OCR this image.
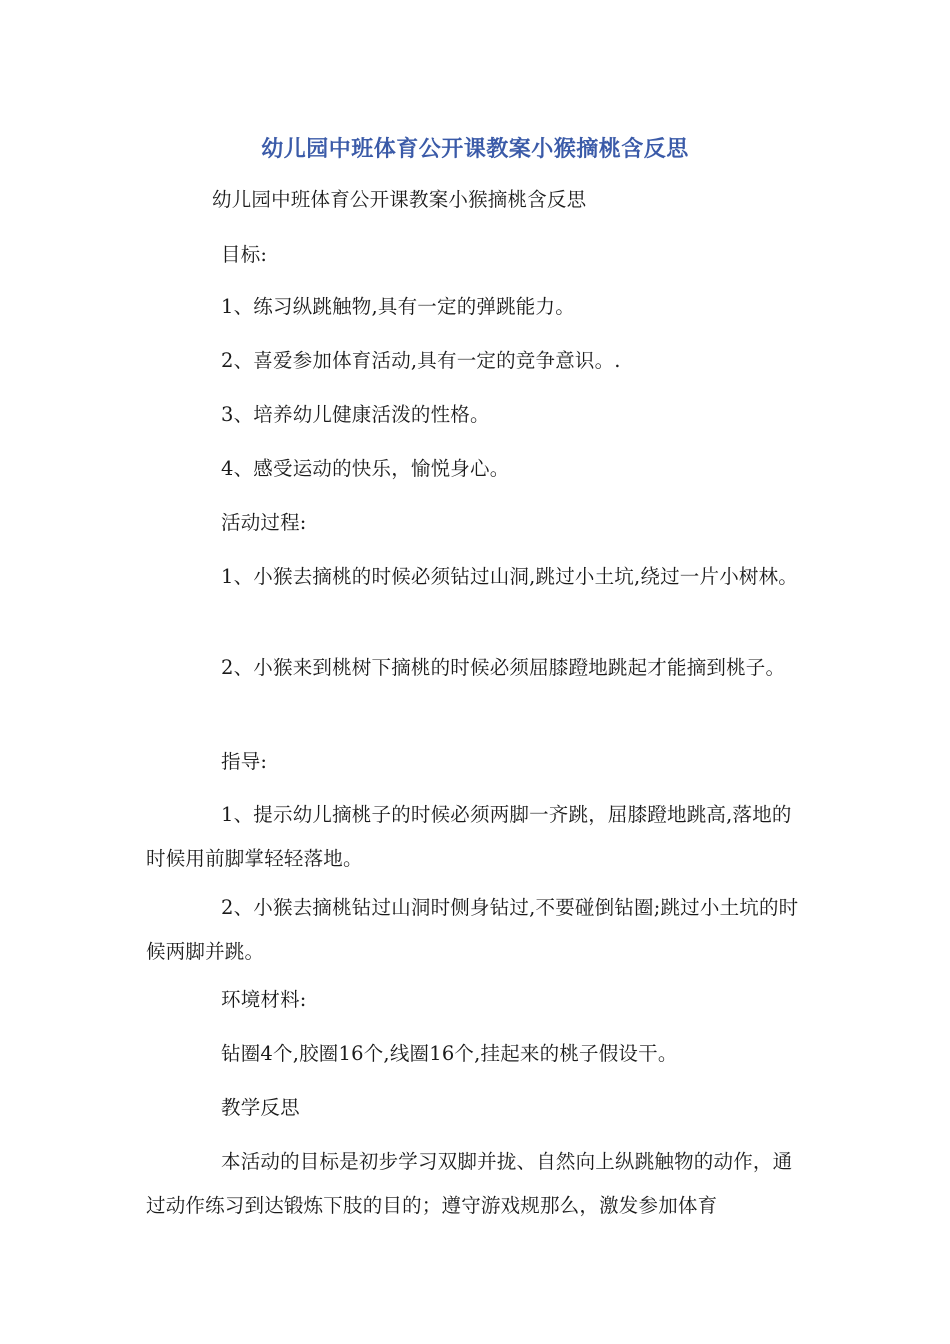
幼儿园中班体育公开课教案小猴摘桃含反思

幼儿园中班体育公开课教案小猴摘桃含反思

目标:

1、练习纵跳触物,具有一定的弹跳能力。

2、喜爱参加体育活动,具有一定的竞争意识。.

3、培养幼儿健康活泼的性格。

4、感受运动的快乐，愉悦身心。

活动过程:

1、小猴去摘桃的时候必须钻过山洞,跳过小土坑,绕过一片小树林。

2、小猴来到桃树下摘桃的时候必须屈膝蹬地跳起才能摘到桃子。

指导:

1、提示幼儿摘桃子的时候必须两脚一齐跳，屈膝蹬地跳高,落地的时候用前脚掌轻轻落地。

2、小猴去摘桃钻过山洞时侧身钻过,不要碰倒钻圈;跳过小土坑的时候两脚并跳。

环境材料:

钻圈4个,胶圈16个,线圈16个,挂起来的桃子假设干。

教学反思

本活动的目标是初步学习双脚并拢、自然向上纵跳触物的动作，通过动作练习到达锻炼下肢的目的；遵守游戏规那么，激发参加体育
